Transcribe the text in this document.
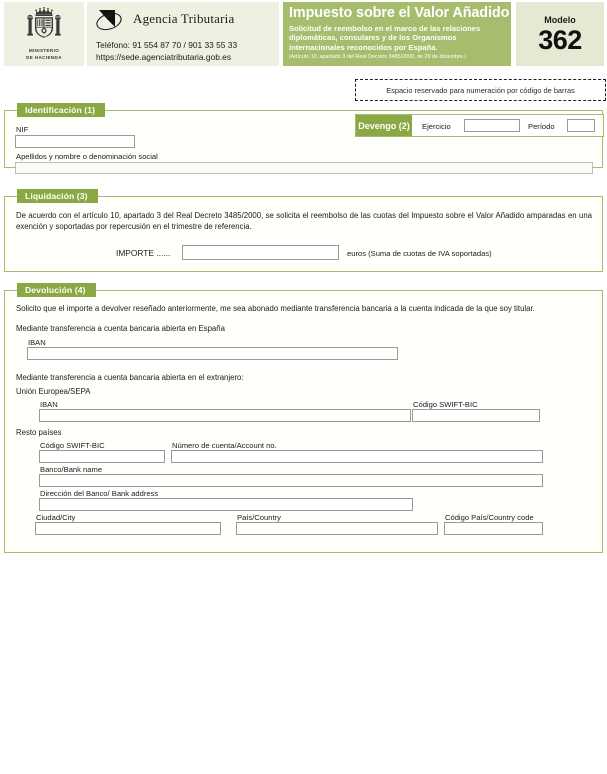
MINISTERIO
DE HACIENDA
Agencia Tributaria
Teléfono: 91 554 87 70 / 901 33 55 33
https://sede.agenciatributaria.gob.es
Impuesto sobre el Valor Añadido
Solicitud de reembolso en el marco de las relaciones diplomáticas, consulares y de los Organismos internacionales reconocidos por España.
(Artículo 10, apartado 3 del Real Decreto 3485/2000, de 29 de diciembre.)
Modelo
362
Espacio reservado para numeración por código de barras
Identificación (1)
NIF
Apellidos y nombre o denominación social
Devengo (2) Ejercicio	Período
Liquidación (3)
De acuerdo con el artículo 10, apartado 3 del Real Decreto 3485/2000, se solicita el reembolso de las cuotas del Impuesto sobre el Valor Añadido amparadas en una exención y soportadas por repercusión en el trimestre de referencia.
IMPORTE ......	euros (Suma de cuotas de IVA soportadas)
Devolución (4)
Solicito que el importe a devolver reseñado anteriormente, me sea abonado mediante transferencia bancaria a la cuenta indicada de la que soy titular.
Mediante transferencia a cuenta bancaria abierta en España
IBAN
Mediante transferencia a cuenta bancaria abierta en el extranjero:
Unión Europea/SEPA
IBAN	Código SWIFT-BIC
Resto países
Código SWIFT-BIC	Número de cuenta/Account no.
Banco/Bank name
Dirección del Banco/ Bank address
Ciudad/City	País/Country	Código País/Country code
